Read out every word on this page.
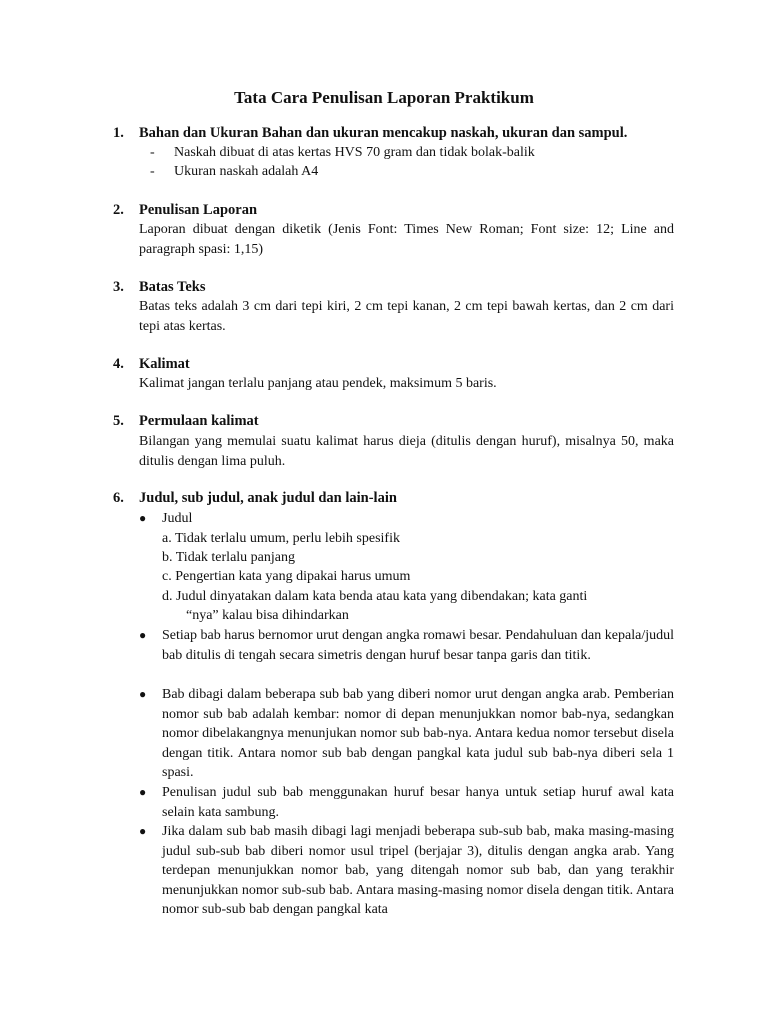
Tata Cara Penulisan Laporan Praktikum
1.	Bahan dan Ukuran Bahan dan ukuran mencakup naskah, ukuran dan sampul.
- Naskah dibuat di atas kertas HVS 70 gram dan tidak bolak-balik
- Ukuran naskah adalah A4
2.	Penulisan Laporan
Laporan dibuat dengan diketik (Jenis Font: Times New Roman; Font size: 12; Line and paragraph spasi: 1,15)
3.	Batas Teks
Batas teks adalah 3 cm dari tepi kiri, 2 cm tepi kanan, 2 cm tepi bawah kertas, dan 2 cm dari tepi atas kertas.
4.	Kalimat
Kalimat jangan terlalu panjang atau pendek, maksimum 5 baris.
5.	Permulaan kalimat
Bilangan yang memulai suatu kalimat harus dieja (ditulis dengan huruf), misalnya 50, maka ditulis dengan lima puluh.
6.	Judul, sub judul, anak judul dan lain-lain
● Judul
a. Tidak terlalu umum, perlu lebih spesifik
b. Tidak terlalu panjang
c. Pengertian kata yang dipakai harus umum
d. Judul dinyatakan dalam kata benda atau kata yang dibendakan; kata ganti
“nya” kalau bisa dihindarkan
● Setiap bab harus bernomor urut dengan angka romawi besar. Pendahuluan dan kepala/judul bab ditulis di tengah secara simetris dengan huruf besar tanpa garis dan titik.
● Bab dibagi dalam beberapa sub bab yang diberi nomor urut dengan angka arab. Pemberian nomor sub bab adalah kembar: nomor di depan menunjukkan nomor bab-nya, sedangkan nomor dibelakangnya menunjukan nomor sub bab-nya. Antara kedua nomor tersebut disela dengan titik. Antara nomor sub bab dengan pangkal kata judul sub bab-nya diberi sela 1 spasi.
● Penulisan judul sub bab menggunakan huruf besar hanya untuk setiap huruf awal kata selain kata sambung.
● Jika dalam sub bab masih dibagi lagi menjadi beberapa sub-sub bab, maka masing-masing judul sub-sub bab diberi nomor usul tripel (berjajar 3), ditulis dengan angka arab. Yang terdepan menunjukkan nomor bab, yang ditengah nomor sub bab, dan yang terakhir menunjukkan nomor sub-sub bab. Antara masing-masing nomor disela dengan titik. Antara nomor sub-sub bab dengan pangkal kata
